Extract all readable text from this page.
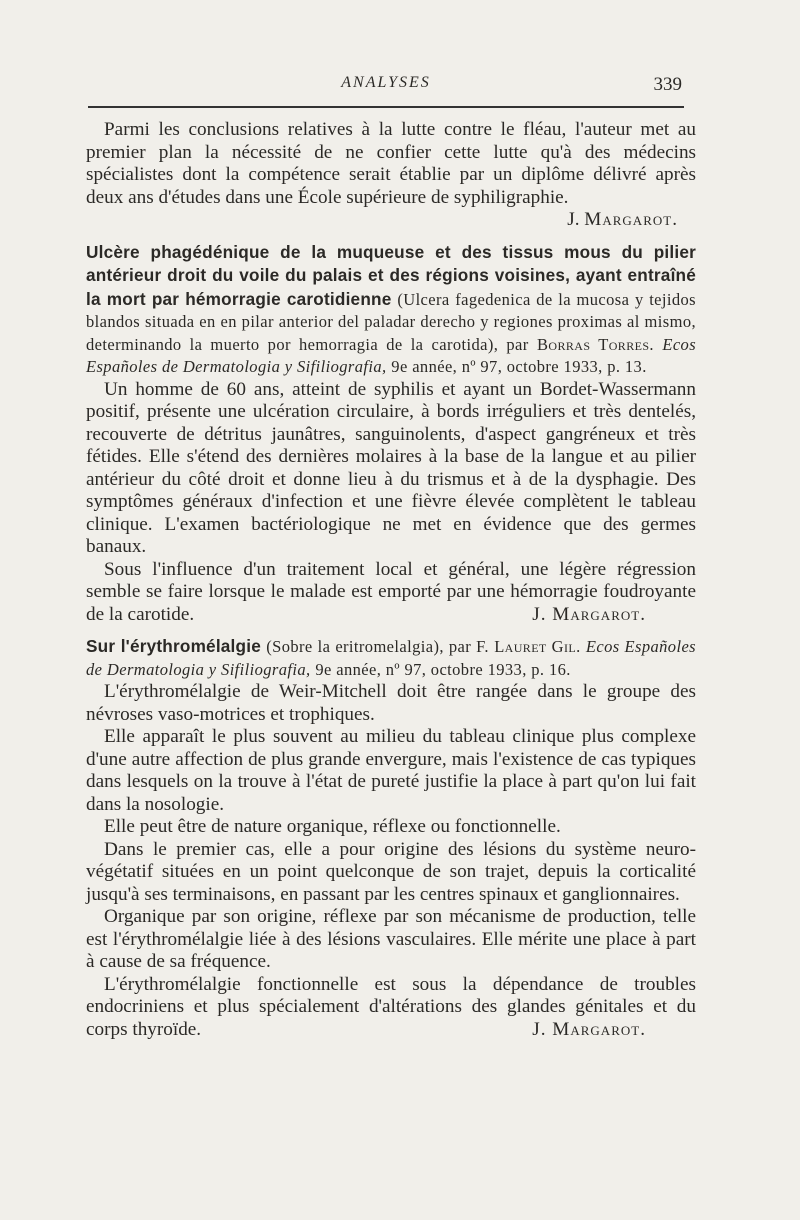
ANALYSES	339

Parmi les conclusions relatives à la lutte contre le fléau, l'auteur met au premier plan la nécessité de ne confier cette lutte qu'à des médecins spécialistes dont la compétence serait établie par un diplôme délivré après deux ans d'études dans une École supérieure de syphiligraphie.

J. Margarot.

Ulcère phagédénique de la muqueuse et des tissus mous du pilier antérieur droit du voile du palais et des régions voisines, ayant entraîné la mort par hémorragie carotidienne (Ulcera fagedenica de la mucosa y tejidos blandos situada en en pilar anterior del paladar derecho y regiones proximas al mismo, determinando la muerto por hemorragia de la carotida), par Borras Torres. Ecos Españoles de Dermatologia y Sifiliografia, 9e année, nº 97, octobre 1933, p. 13.

Un homme de 60 ans, atteint de syphilis et ayant un Bordet-Wassermann positif, présente une ulcération circulaire, à bords irréguliers et très dentelés, recouverte de détritus jaunâtres, sanguinolents, d'aspect gangréneux et très fétides. Elle s'étend des dernières molaires à la base de la langue et au pilier antérieur du côté droit et donne lieu à du trismus et à de la dysphagie. Des symptômes généraux d'infection et une fièvre élevée complètent le tableau clinique. L'examen bactériologique ne met en évidence que des germes banaux.

Sous l'influence d'un traitement local et général, une légère régression semble se faire lorsque le malade est emporté par une hémorragie foudroyante de la carotide.	J. Margarot.

Sur l'érythromélalgie (Sobre la eritromelalgia), par F. Lauret Gil. Ecos Españoles de Dermatologia y Sifiliografia, 9e année, nº 97, octobre 1933, p. 16.

L'érythromélalgie de Weir-Mitchell doit être rangée dans le groupe des névroses vaso-motrices et trophiques.

Elle apparaît le plus souvent au milieu du tableau clinique plus complexe d'une autre affection de plus grande envergure, mais l'existence de cas typiques dans lesquels on la trouve à l'état de pureté justifie la place à part qu'on lui fait dans la nosologie.

Elle peut être de nature organique, réflexe ou fonctionnelle.

Dans le premier cas, elle a pour origine des lésions du système neuro-végétatif situées en un point quelconque de son trajet, depuis la corticalité jusqu'à ses terminaisons, en passant par les centres spinaux et ganglionnaires.

Organique par son origine, réflexe par son mécanisme de production, telle est l'érythromélalgie liée à des lésions vasculaires. Elle mérite une place à part à cause de sa fréquence.

L'érythromélalgie fonctionnelle est sous la dépendance de troubles endocriniens et plus spécialement d'altérations des glandes génitales et du corps thyroïde.	J. Margarot.
